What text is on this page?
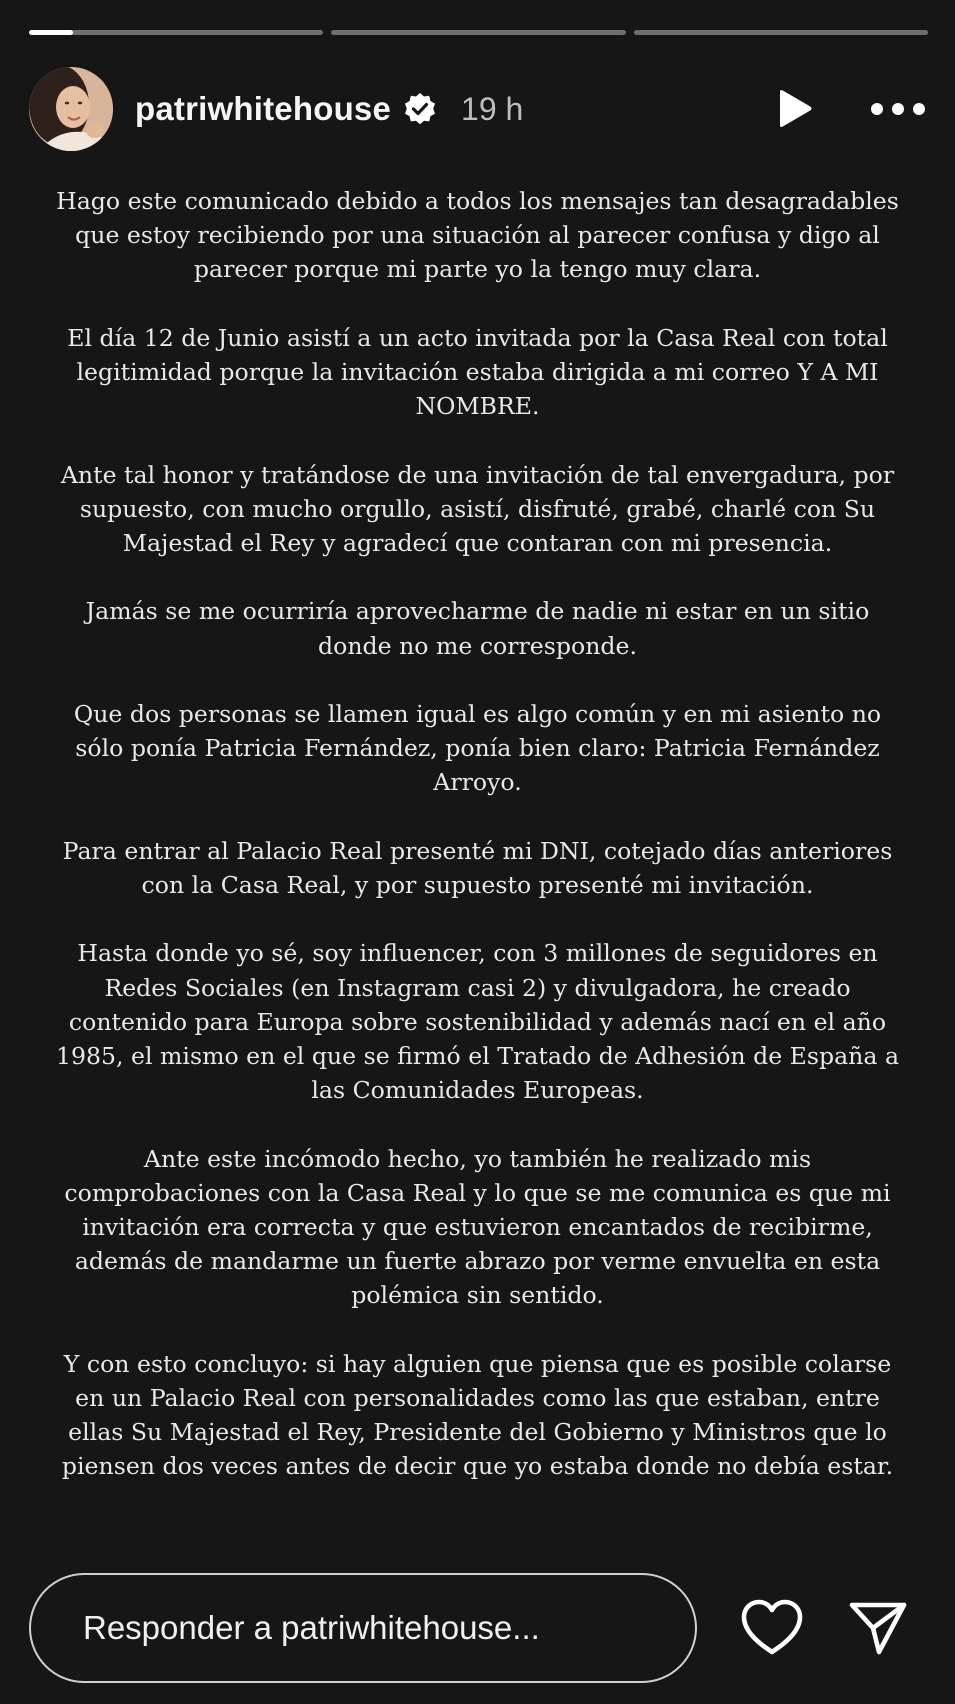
patriwhitehouse 19 h

Hago este comunicado debido a todos los mensajes tan desagradables que estoy recibiendo por una situación al parecer confusa y digo al parecer porque mi parte yo la tengo muy clara.

El día 12 de Junio asistí a un acto invitada por la Casa Real con total legitimidad porque la invitación estaba dirigida a mi correo Y A MI NOMBRE.

Ante tal honor y tratándose de una invitación de tal envergadura, por supuesto, con mucho orgullo, asistí, disfruté, grabé, charlé con Su Majestad el Rey y agradecí que contaran con mi presencia.

Jamás se me ocurriría aprovecharme de nadie ni estar en un sitio donde no me corresponde.

Que dos personas se llamen igual es algo común y en mi asiento no sólo ponía Patricia Fernández, ponía bien claro: Patricia Fernández Arroyo.

Para entrar al Palacio Real presenté mi DNI, cotejado días anteriores con la Casa Real, y por supuesto presenté mi invitación.

Hasta donde yo sé, soy influencer, con 3 millones de seguidores en Redes Sociales (en Instagram casi 2) y divulgadora, he creado contenido para Europa sobre sostenibilidad y además nací en el año 1985, el mismo en el que se firmó el Tratado de Adhesión de España a las Comunidades Europeas.

Ante este incómodo hecho, yo también he realizado mis comprobaciones con la Casa Real y lo que se me comunica es que mi invitación era correcta y que estuvieron encantados de recibirme, además de mandarme un fuerte abrazo por verme envuelta en esta polémica sin sentido.

Y con esto concluyo: si hay alguien que piensa que es posible colarse en un Palacio Real con personalidades como las que estaban, entre ellas Su Majestad el Rey, Presidente del Gobierno y Ministros que lo piensen dos veces antes de decir que yo estaba donde no debía estar.

Responder a patriwhitehouse...
